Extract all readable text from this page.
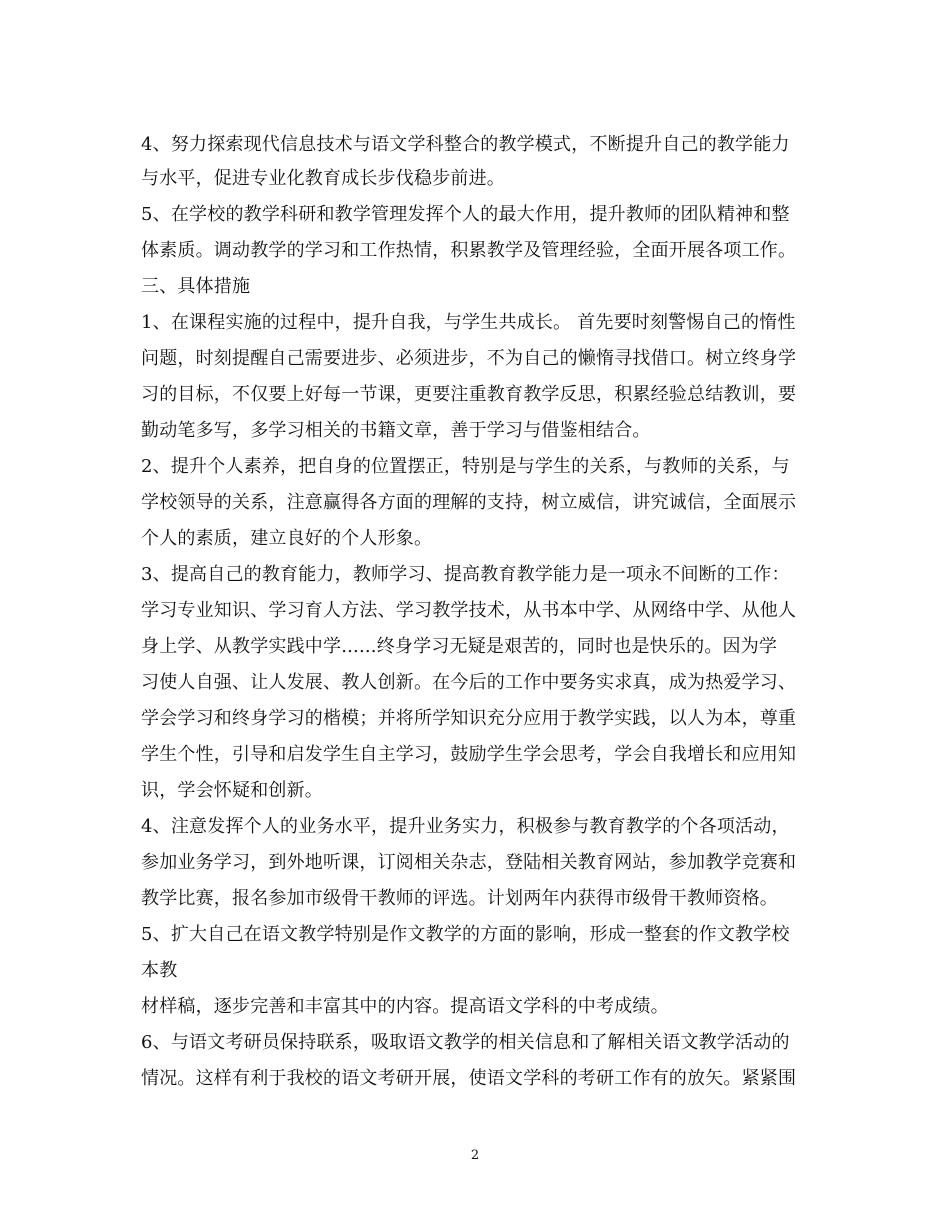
4、努力探索现代信息技术与语文学科整合的教学模式，不断提升自己的教学能力
与水平，促进专业化教育成长步伐稳步前进。
5、在学校的教学科研和教学管理发挥个人的最大作用，提升教师的团队精神和整
体素质。调动教学的学习和工作热情，积累教学及管理经验，全面开展各项工作。
三、具体措施
1、在课程实施的过程中，提升自我，与学生共成长。 首先要时刻警惕自己的惰性
问题，时刻提醒自己需要进步、必须进步，不为自己的懒惰寻找借口。树立终身学
习的目标，不仅要上好每一节课，更要注重教育教学反思，积累经验总结教训，要
勤动笔多写，多学习相关的书籍文章，善于学习与借鉴相结合。
2、提升个人素养，把自身的位置摆正，特别是与学生的关系，与教师的关系，与
学校领导的关系，注意赢得各方面的理解的支持，树立威信，讲究诚信，全面展示
个人的素质，建立良好的个人形象。
3、提高自己的教育能力，教师学习、提高教育教学能力是一项永不间断的工作：
学习专业知识、学习育人方法、学习教学技术，从书本中学、从网络中学、从他人
身上学、从教学实践中学......终身学习无疑是艰苦的，同时也是快乐的。因为学
习使人自强、让人发展、教人创新。在今后的工作中要务实求真，成为热爱学习、
学会学习和终身学习的楷模；并将所学知识充分应用于教学实践，以人为本，尊重
学生个性，引导和启发学生自主学习，鼓励学生学会思考，学会自我增长和应用知
识，学会怀疑和创新。
4、注意发挥个人的业务水平，提升业务实力，积极参与教育教学的个各项活动，
参加业务学习，到外地听课，订阅相关杂志，登陆相关教育网站，参加教学竞赛和
教学比赛，报名参加市级骨干教师的评选。计划两年内获得市级骨干教师资格。
5、扩大自己在语文教学特别是作文教学的方面的影响，形成一整套的作文教学校
本教
材样稿，逐步完善和丰富其中的内容。提高语文学科的中考成绩。
6、与语文考研员保持联系，吸取语文教学的相关信息和了解相关语文教学活动的
情况。这样有利于我校的语文考研开展，使语文学科的考研工作有的放矢。紧紧围
2
